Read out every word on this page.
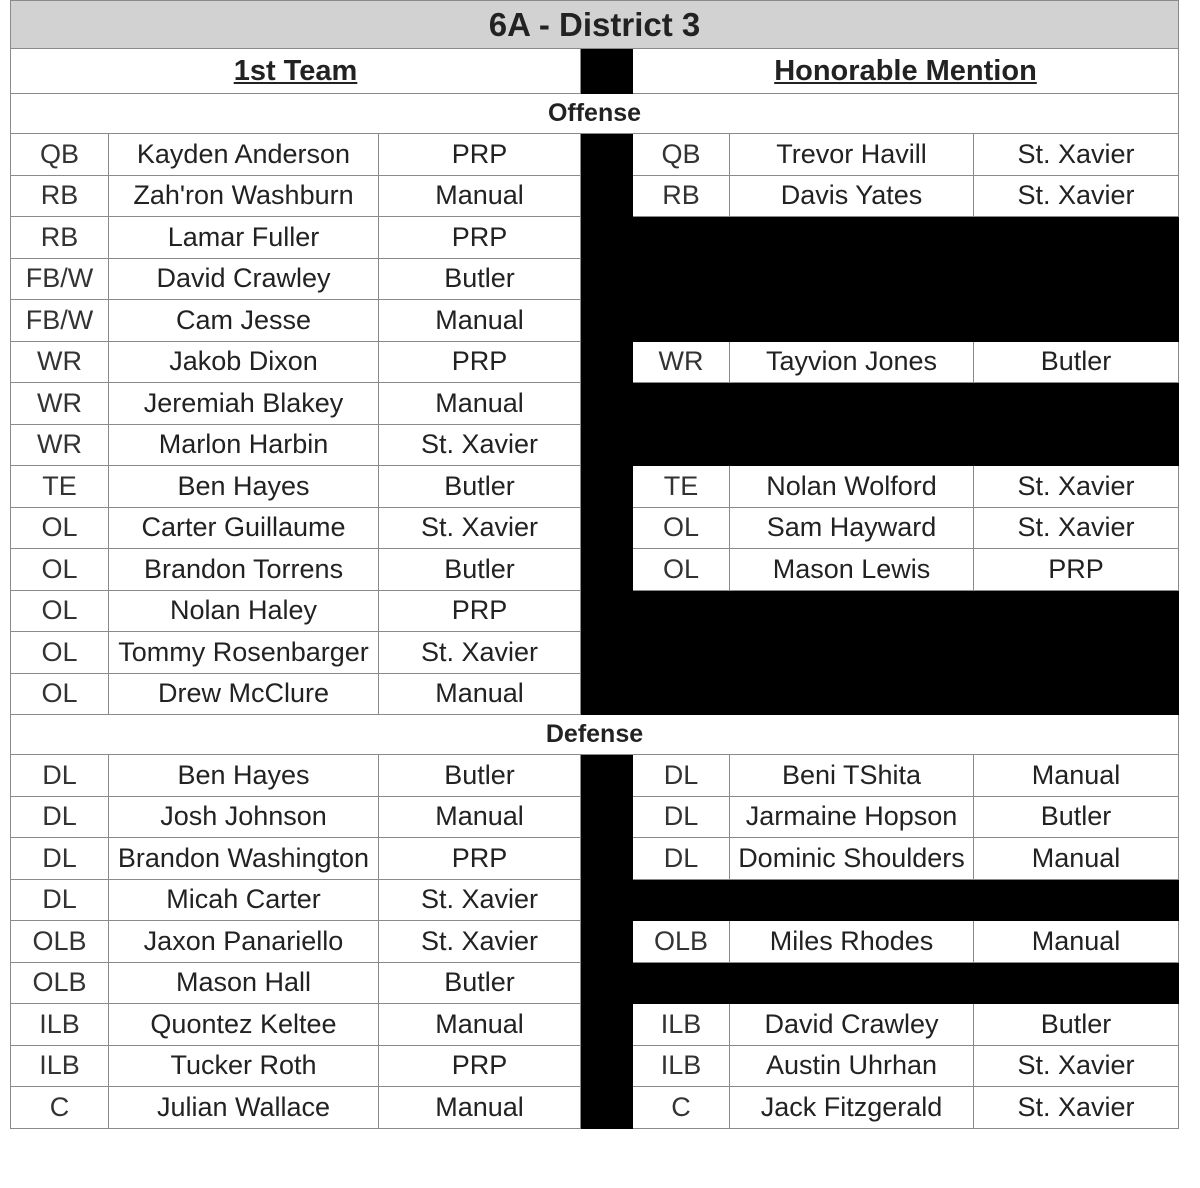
6A - District 3						
1st Team				Honorable Mention		
Offense						
QB	Kayden Anderson	PRP		QB	Trevor Havill	St. Xavier
RB	Zah'ron Washburn	Manual		RB	Davis Yates	St. Xavier
RB	Lamar Fuller	PRP				
FB/W	David Crawley	Butler				
FB/W	Cam Jesse	Manual				
WR	Jakob Dixon	PRP		WR	Tayvion Jones	Butler
WR	Jeremiah Blakey	Manual				
WR	Marlon Harbin	St. Xavier				
TE	Ben Hayes	Butler		TE	Nolan Wolford	St. Xavier
OL	Carter Guillaume	St. Xavier		OL	Sam Hayward	St. Xavier
OL	Brandon Torrens	Butler		OL	Mason Lewis	PRP
OL	Nolan Haley	PRP				
OL	Tommy Rosenbarger	St. Xavier				
OL	Drew McClure	Manual				
Defense						
DL	Ben Hayes	Butler		DL	Beni TShita	Manual
DL	Josh Johnson	Manual		DL	Jarmaine Hopson	Butler
DL	Brandon Washington	PRP		DL	Dominic Shoulders	Manual
DL	Micah Carter	St. Xavier				
OLB	Jaxon Panariello	St. Xavier		OLB	Miles Rhodes	Manual
OLB	Mason Hall	Butler				
ILB	Quontez Keltee	Manual		ILB	David Crawley	Butler
ILB	Tucker Roth	PRP		ILB	Austin Uhrhan	St. Xavier
C	Julian Wallace	Manual		C	Jack Fitzgerald	St. Xavier
